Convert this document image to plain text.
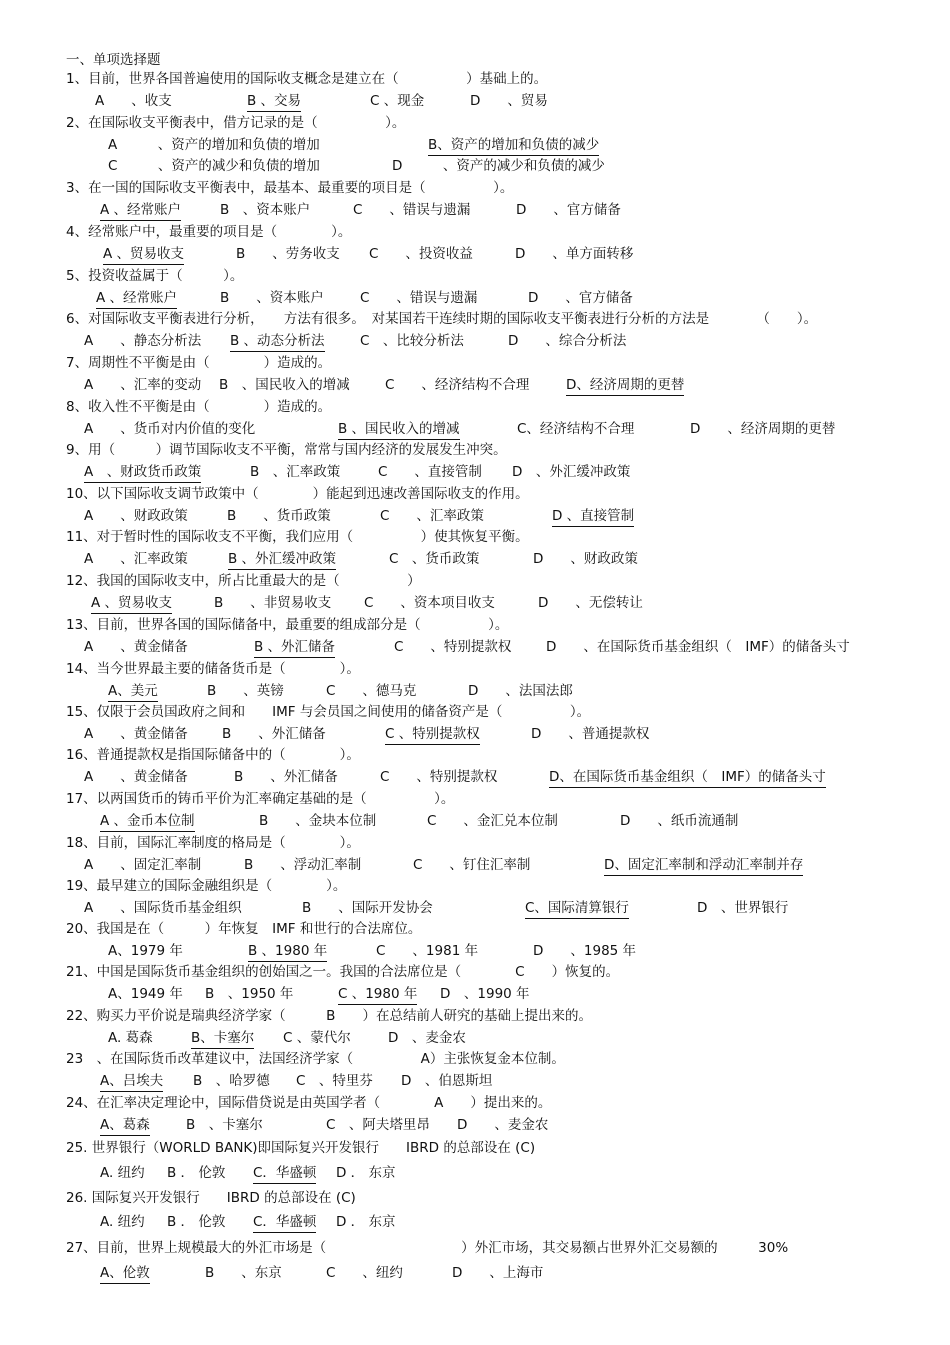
一、单项选择题
1、目前，世界各国普遍使用的国际收支概念是建立在（　　　　　）基础上的。
A　　、收支	B 、交易	C 、现金	D　　、贸易
2、在国际收支平衡表中，借方记录的是（　　　　　）。
A　　　、资产的增加和负债的增加	B、资产的增加和负债的减少
C　　　、资产的减少和负债的增加	D　　　、资产的减少和负债的减少
3、在一国的国际收支平衡表中，最基本、最重要的项目是（　　　　　）。
A 、经常账户	B　、资本账户	C　　、错误与遗漏	D　　、官方储备
4、经常账户中，最重要的项目是（　　　　）。
A 、贸易收支	B　　、劳务收支 C　　、投资收益	D　　、单方面转移
5、投资收益属于（　　　）。
A 、经常账户	B　　、资本账户	C　　、错误与遗漏	D　　、官方储备
6、对国际收支平衡表进行分析，　　方法有很多。　对某国若干连续时期的国际收支平衡表进行分析的方法是　　　　（　　）。
A　　、静态分析法 B 、动态分析法	C　、比较分析法	D　　、综合分析法
7、周期性不平衡是由（　　　　）造成的。
A　　、汇率的变动 B　、国民收入的增减	C　　、经济结构不合理	D、经济周期的更替
8、收入性不平衡是由（　　　　）造成的。
A　　、货币对内价值的变化	B 、国民收入的增减	C、经济结构不合理	D　　、经济周期的更替
9、用（　　　）调节国际收支不平衡，常常与国内经济的发展发生冲突。
A　、财政货币政策	B　、汇率政策	C　　、直接管制 D　、外汇缓冲政策
10、以下国际收支调节政策中（　　　　）能起到迅速改善国际收支的作用。
A　　、财政政策	B　　、货币政策	C　　、汇率政策	D 、直接管制
11、对于暂时性的国际收支不平衡，我们应用（　　　　　）使其恢复平衡。
A　　、汇率政策	B 、外汇缓冲政策	C　、货币政策	D　　、财政政策
12、我国的国际收支中，所占比重最大的是（　　　　　）
A 、贸易收支	B　　、非贸易收支 C　　、资本项目收支	D　　、无偿转让
13、目前，世界各国的国际储备中，最重要的组成部分是（　　　　　）。
A　　、黄金储备	B 、外汇储备	C　　、特别提款权	D　　、在国际货币基金组织（　IMF）的储备头寸
14、当今世界最主要的储备货币是（　　　　）。
A、美元	B　　、英镑	C　　、德马克	D　　、法国法郎
15、仅限于会员国政府之间和　　IMF 与会员国之间使用的储备资产是（　　　　　）。
A　　、黄金储备	B　　、外汇储备	C 、特别提款权	D　　、普通提款权
16、普通提款权是指国际储备中的（　　　　）。
A　　、黄金储备	B　　、外汇储备	C　　、特别提款权	D、在国际货币基金组织（　IMF）的储备头寸
17、以两国货币的铸币平价为汇率确定基础的是（　　　　　）。
A 、金币本位制	B　　、金块本位制	C　　、金汇兑本位制	D　　、纸币流通制
18、目前，国际汇率制度的格局是（　　　　）。
A　　、固定汇率制	B　　、浮动汇率制	C　　、钉住汇率制	D、固定汇率制和浮动汇率制并存
19、最早建立的国际金融组织是（　　　　）。
A　　、国际货币基金组织	B　　、国际开发协会	C、国际清算银行	D　、世界银行
20、我国是在（　　　）年恢复　IMF 和世行的合法席位。
A、1979 年	B 、1980 年	C　　、1981 年	D　　、1985 年
21、中国是国际货币基金组织的创始国之一。我国的合法席位是（　　　　C　　）恢复的。
A、1949 年 B　、1950 年	C 、1980 年 D　、1990 年
22、购买力平价说是瑞典经济学家（　　　B　　）在总结前人研究的基础上提出来的。
A. 葛森	B、卡塞尔 C 、蒙代尔	D　、麦金农
23　、在国际货币改革建议中，法国经济学家（　　　　　A）主张恢复金本位制。
A、吕埃夫 B　、哈罗德 C　、特里芬 D　、伯恩斯坦
24、在汇率决定理论中，国际借贷说是由英国学者（　　　　A　　）提出来的。
A、葛森	B　、卡塞尔	C　、阿夫塔里昂 D　　、麦金农
25. 世界银行（WORLD BANK)即国际复兴开发银行　　IBRD 的总部设在 (C)
A. 纽约 B ． 伦敦 C．华盛顿 D ． 东京
26. 国际复兴开发银行　　IBRD 的总部设在 (C)
A. 纽约 B ． 伦敦 C．华盛顿 D ． 东京
27、目前，世界上规模最大的外汇市场是（　　　　　　　　　　）外汇市场，其交易额占世界外汇交易额的　　　30%
A、伦敦	B　　、东京	C　　、纽约	D　　、上海市
